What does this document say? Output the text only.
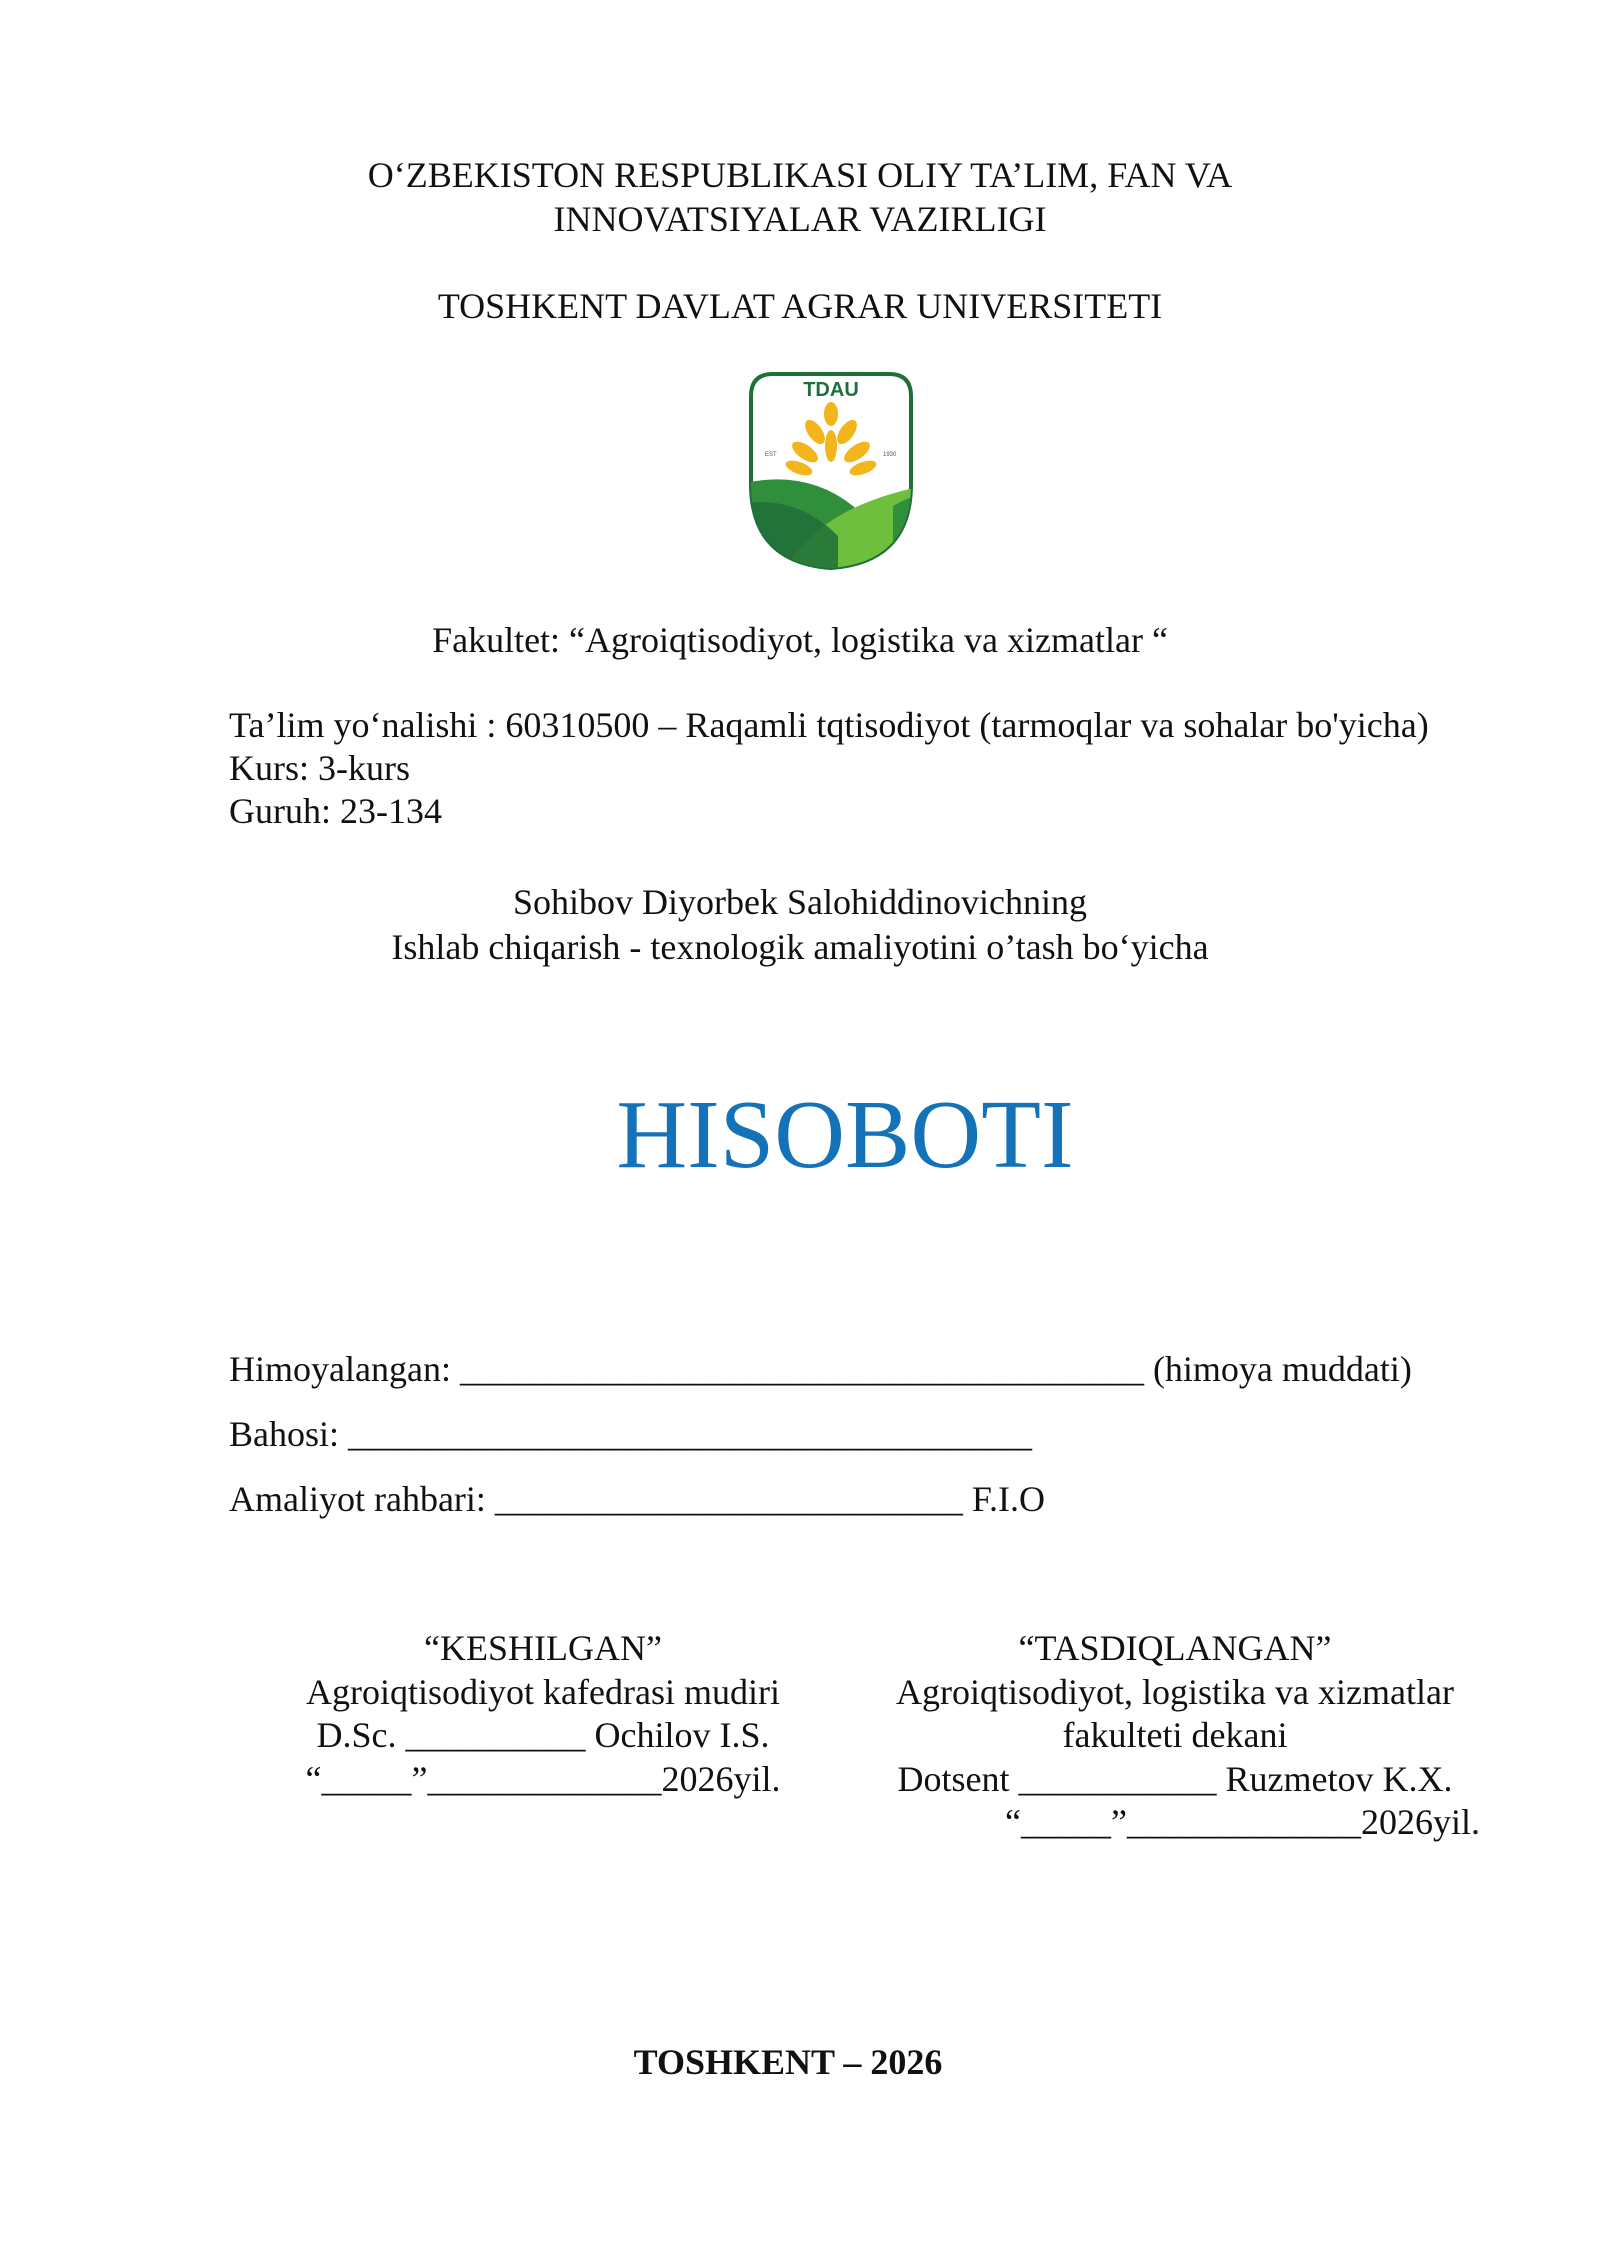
O‘ZBEKISTON RESPUBLIKASI OLIY TA’LIM, FAN VA
INNOVATSIYALAR VAZIRLIGI
TOSHKENT DAVLAT AGRAR UNIVERSITETI
TDAU
EST	1930
Fakultet: “Agroiqtisodiyot, logistika va xizmatlar “
Ta’lim yo‘nalishi : 60310500 – Raqamli tqtisodiyot (tarmoqlar va sohalar bo'yicha)
Kurs: 3-kurs
Guruh: 23-134
Sohibov Diyorbek Salohiddinovichning
Ishlab chiqarish - texnologik amaliyotini o’tash bo‘yicha
HISOBOTI
Himoyalangan: ______________________________________ (himoya muddati)
Bahosi: ______________________________________
Amaliyot rahbari: __________________________ F.I.O
“KESHILGAN”
Agroiqtisodiyot kafedrasi mudiri
D.Sc. __________ Ochilov I.S.
“_____”_____________2026yil.
“TASDIQLANGAN”
Agroiqtisodiyot, logistika va xizmatlar
fakulteti dekani
Dotsent ___________ Ruzmetov K.X.
“_____”_____________2026yil.
TOSHKENT – 2026
